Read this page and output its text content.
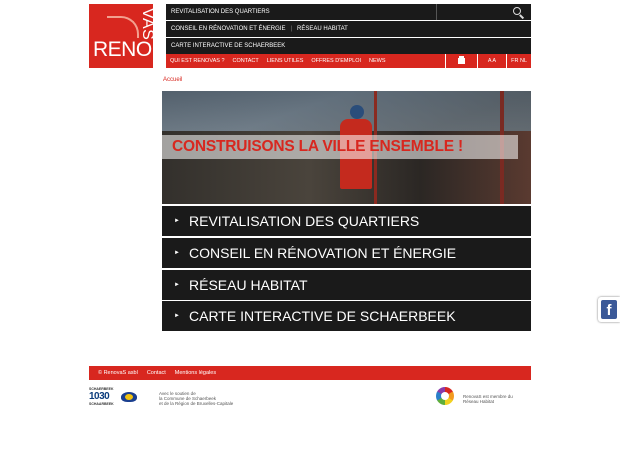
RENO
VAS	REVITALISATION DES QUARTIERS
CONSEIL EN RÉNOVATION ET ÉNERGIE | RÉSEAU HABITAT
CARTE INTERACTIVE DE SCHAERBEEK
QUI EST RENOVAS ?	CONTACT	LIENS UTILES	OFFRES D'EMPLOI	NEWS	A A	FR NL
Accueil
CONSTRUISONS LA VILLE ENSEMBLE !
► REVITALISATION DES QUARTIERS
► CONSEIL EN RÉNOVATION ET ÉNERGIE
► RÉSEAU HABITAT
► CARTE INTERACTIVE DE SCHAERBEEK	f
© RenovaS asbl Contact Mentions légales
SCHAERBEEK
1030
SCHAARBEEK
Avec le soutien de
la Commune de Schaerbeek
et de la Région de Bruxelles-Capitale
RenovaS est membre du
Réseau Habitat
